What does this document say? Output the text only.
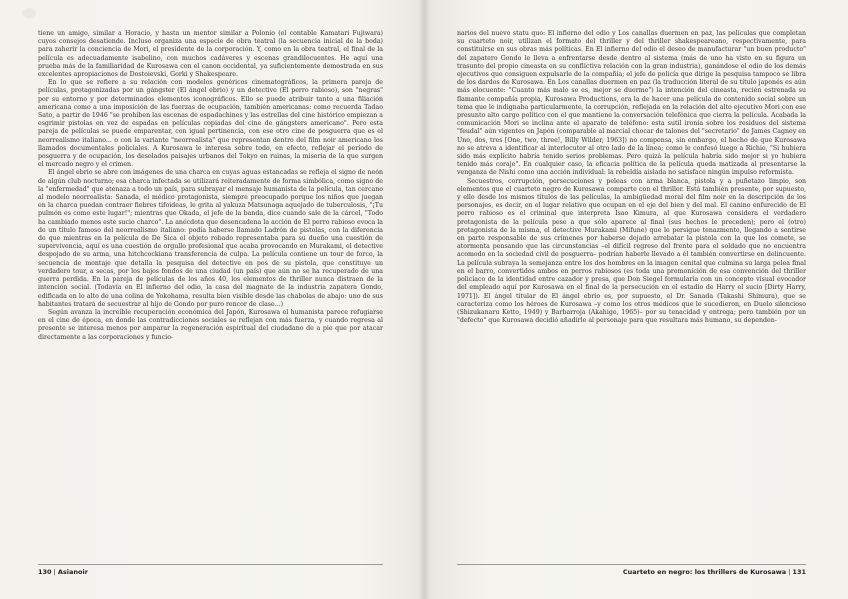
tiene un amigo, similar a Horacio, y hasta un mentor similar a Polonio (el contable Kamatari Fujiwara) cuyos consejos desatiende. Incluso organiza una especie de obra teatral (la secuencia inicial de la boda) para zaherir la conciencia de Mori, el presidente de la corporación. Y, como en la obra teatral, el final de la película es adecuadamente isabelino, con muchos cadáveres y escenas grandilocuentes. He aquí una prueba más de la familiaridad de Kurosawa con el canon occidental, ya suficientemente demostrada en sus excelentes apropiaciones de Dostoievski, Gorki y Shakespeare.

En lo que se refiere a su relación con modelos genéricos cinematográficos, la primera pareja de películas, protagonizadas por un gángster (El ángel ebrio) y un detective (El perro rabioso), son "negras" por su entorno y por determinados elementos iconográficos. Ello se puede atribuir tanto a una filiación americana como a una imposición de las fuerzas de ocupación, también americanas: como recuerda Tadao Sato, a partir de 1946 "se prohíben las escenas de espadachines y las estrellas del cine histórico empiezan a esgrimir pistolas en vez de espadas en películas copiadas del cine de gángsters americano". Pero esta pareja de películas se puede emparentar, con igual pertinencia, con ese otro cine de posguerra que es el neorrealismo italiano... o con la variante "neorrealista" que representan dentro del film noir americano los llamados documentales policiales. A Kurosawa le interesa sobre todo, en efecto, reflejar el período de posguerra y de ocupación, los desolados paisajes urbanos del Tokyo en ruinas, la miseria de la que surgen el mercado negro y el crimen.

El ángel ebrio se abre con imágenes de una charca en cuyas aguas estancadas se refleja el signo de neón de algún club nocturno; esa charca infectada se utilizará reiteradamente de forma simbólica, como signo de la "enfermedad" que atenaza a todo un país, para subrayar el mensaje humanista de la película, tan cercano al modelo neorrealista: Sanada, el médico protagonista, siempre preocupado porque los niños que juegan en la charca puedan contraer fiebres tifoideas, le grita al yakuza Matsunaga aquejado de tuberculosis, "¡Tu pulmón es como este lugar!"; mientras que Okada, el jefe de la banda, dice cuando sale de la cárcel, "Todo ha cambiado menos este sucio charco". La anécdota que desencadena la acción de El perro rabioso evoca la de un título famoso del neorrealismo italiano: podía haberse llamado Ladrón de pistolas, con la diferencia de que mientras en la película de De Sica el objeto robado representaba para su dueño una cuestión de supervivencia, aquí es una cuestión de orgullo profesional que acaba provocando en Murakami, el detective despojado de su arma, una hitchcockiana transferencia de culpa. La película contiene un tour de force, la secuencia de montaje que detalla la pesquisa del detective en pos de su pistola, que constituye un verdadero tour, a secas, por los bajos fondos de una ciudad (un país) que aún no se ha recuperado de una guerra perdida. En la pareja de películas de los años 40, los elementos de thriller nunca distraen de la intención social. (Todavía en El infierno del odio, la casa del magnate de la industria zapatera Gondo, edificada en lo alto de una colina de Yokohama, resulta bien visible desde las chabolas de abajo: uno de sus habitantes tratará de secuestrar al hijo de Gondo por puro rencor de clase...)

Según avanza la increíble recuperación económica del Japón, Kurosawa el humanista parece refugiarse en el cine de época, en donde las contradicciones sociales se reflejan con más fuerza, y cuando regresa al presente se interesa menos por amparar la regeneración espiritual del ciudadano de a pie que por atacar directamente a las corporaciones y funcio-

130 | Asianoir

narios del nuevo statu quo: El infierno del odio y Los canallas duermen en paz, las películas que completan su cuarteto noir, utilizan el formato del thriller y del thriller shakespeareano, respectivamente, para constituirse en sus obras más políticas. En El infierno del odio el deseo de manufacturar "un buen producto" del zapatero Gondo le lleva a enfrentarse desde dentro al sistema (más de uno ha visto en su figura un trasunto del propio cineasta en su conflictiva relación con la gran industria), ganándose el odio de los demás ejecutivos que consiguen expulsarle de la compañía; el jefe de policía que dirige la pesquisa tampoco se libra de los dardos de Kurosawa. En Los canallas duermen en paz (la traducción literal de su título japonés es aún más elocuente: "Cuanto más malo se es, mejor se duerme") la intención del cineasta, recién estrenada su flamante compañía propia, Kurosawa Productions, era la de hacer una película de contenido social sobre un tema que le indignaba particularmente, la corrupción, reflejada en la relación del alto ejecutivo Mori con ese presunto alto cargo político con el que mantiene la conversación telefónica que cierra la película. Acabada la comunicación Mori se inclina ante el aparato de teléfono: esta sutil ironía sobre los residuos del sistema "feudal" aún vigentes en Japón (comparable al marcial chocar de talones del "secretario" de James Cagney en Uno, dos, tres [One, two, three!, Billy Wilder, 1963]) no compensa, sin embargo, el hecho de que Kurosawa no se atreva a identificar al interlocutor al otro lado de la línea; como le confesó luego a Richie, "Si hubiera sido más explícito habría tenido serios problemas. Pero quizá la película habría sido mejor si yo hubiera tenido más coraje". En cualquier caso, la eficacia política de la película queda matizada al presentarse la venganza de Nishi como una acción individual: la rebeldía aislada no satisface ningún impulso reformista.

Secuestros, corrupción, persecuciones y peleas con arma blanca, pistola y a puñetazo limpio, son elementos que el cuarteto negro de Kurosawa comparte con el thriller. Está también presente, por supuesto, y ello desde los mismos títulos de las películas, la ambigüedad moral del film noir en la descripción de los personajes, es decir, en el lugar relativo que ocupan en el eje del bien y del mal. El canino enfurecido de El perro rabioso es el criminal que interpreta Isao Kimura, al que Kurosawa considera el verdadero protagonista de la película pese a que sólo aparece al final (sus hechos le preceden); pero el (otro) protagonista de la misma, el detective Murakami (Mifune) que le persigue tenazmente, llegando a sentirse en parte responsable de sus crímenes por haberse dejado arrebatar la pistola con la que los comete, se atormenta pensando que las circunstancias –el difícil regreso del frente para el soldado que no encuentra acomodo en la sociedad civil de posguerra– podrían haberle llevado a él también convertirse en delincuente. La película subraya la semejanza entre los dos hombres en la imagen cenital que culmina su larga pelea final en el barro, convertidos ambos en perros rabiosos (es toda una premonición de esa convención del thriller policíaco de la identidad entre cazador y presa, que Don Siegel formularía con un concepto visual evocador del empleado aquí por Kurosawa en el final de la persecución en el estadio de Harry el sucio [Dirty Harry, 1971]). El ángel titular de El ángel ebrio es, por supuesto, el Dr. Sanada (Takashi Shimura), que se caracteriza como los héroes de Kurosawa –y como los otros médicos que le sucedieron, en Duelo silencioso (Shizukanaru Ketto, 1949) y Barbarroja (Akahige, 1965)– por su tenacidad y entrega; pero también por un "defecto" que Kurosawa decidió añadirle al personaje para que resultara más humano, su dependen-

Cuarteto en negro: los thrillers de Kurosawa | 131
